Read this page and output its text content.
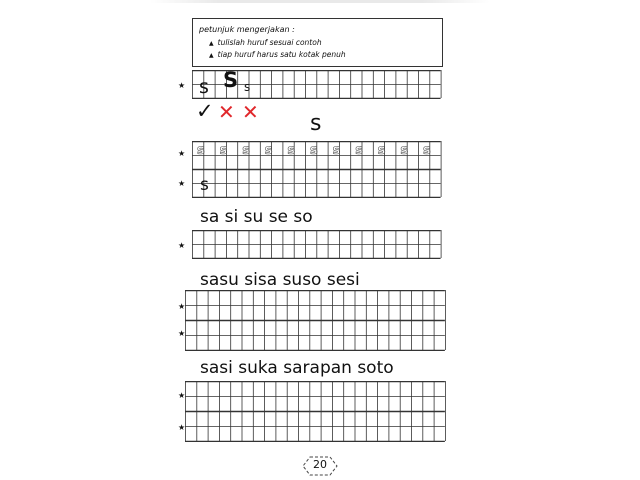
petunjuk mengerjakan :
▲ tulislah huruf sesuai contoh
▲ tiap huruf harus satu kotak penuh
★ s S s
✓ ✕ ✕ s
★
★
s s s s s s s s s s s
s
sa si su se so
★
sasu sisa suso sesi
★
★
sasi suka sarapan soto
★
★
20
